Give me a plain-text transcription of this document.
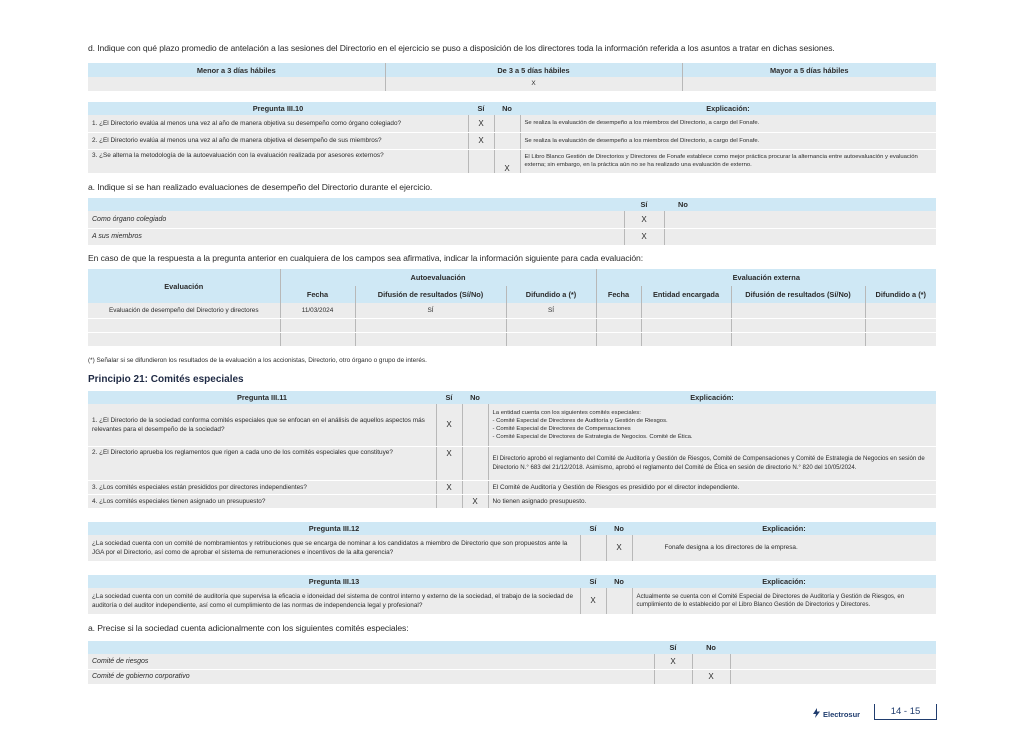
d. Indique con qué plazo promedio de antelación a las sesiones del Directorio en el ejercicio se puso a disposición de los directores toda la información referida a los asuntos a tratar en dichas sesiones.
Menor a 3 días hábiles	De 3 a 5 días hábiles	Mayor a 5 días hábiles
	X	
Pregunta III.10	Sí	No	Explicación:
1. ¿El Directorio evalúa al menos una vez al año de manera objetiva su desempeño como órgano colegiado?	X		Se realiza la evaluación de desempeño a los miembros del Directorio, a cargo del Fonafe.
2. ¿El Directorio evalúa al menos una vez al año de manera objetiva el desempeño de sus miembros?	X		Se realiza la evaluación de desempeño a los miembros del Directorio, a cargo del Fonafe.
3. ¿Se alterna la metodología de la autoevaluación con la evaluación realizada por asesores externos?		X	El Libro Blanco Gestión de Directorios y Directores de Fonafe establece como mejor práctica procurar la alternancia entre autoevaluación y evaluación externa; sin embargo, en la práctica aún no se ha realizado una evaluación de externo.
a. Indique si se han realizado evaluaciones de desempeño del Directorio durante el ejercicio.
	Sí	No
Como órgano colegiado	X	
A sus miembros	X	
En caso de que la respuesta a la pregunta anterior en cualquiera de los campos sea afirmativa, indicar la información siguiente para cada evaluación:
Evaluación	Autoevaluación			Evaluación externa			
	Fecha	Difusión de resultados (Sí/No)	Difundido a (*)	Fecha	Entidad encargada	Difusión de resultados (Sí/No)	Difundido a (*)
Evaluación de desempeño del Directorio y directores	11/03/2024	SÍ	SÍ				

(*) Señalar si se difundieron los resultados de la evaluación a los accionistas, Directorio, otro órgano o grupo de interés.
Principio 21: Comités especiales
Pregunta III.11	Sí	No	Explicación:
1. ¿El Directorio de la sociedad conforma comités especiales que se enfocan en el análisis de aquellos aspectos más relevantes para el desempeño de la sociedad?	X		La entidad cuenta con los siguientes comités especiales:
- Comité Especial de Directores de Auditoría y Gestión de Riesgos.
- Comité Especial de Directores de Compensaciones
- Comité Especial de Directores de Estrategia de Negocios. Comité de Ética.

2. ¿El Directorio aprueba los reglamentos que rigen a cada uno de los comités especiales que constituye?	X		El Directorio aprobó el reglamento del Comité de Auditoría y Gestión de Riesgos, Comité de Compensaciones y Comité de Estrategia de Negocios en sesión de Directorio N.° 683 del 21/12/2018. Asimismo, aprobó el reglamento del Comité de Ética en sesión de directorio N.° 820 del 10/05/2024.
3. ¿Los comités especiales están presididos por directores independientes?	X		El Comité de Auditoría y Gestión de Riesgos es presidido por el director independiente.
4. ¿Los comités especiales tienen asignado un presupuesto?		X	No tienen asignado presupuesto.
Pregunta III.12	Sí	No	Explicación:
¿La sociedad cuenta con un comité de nombramientos y retribuciones que se encarga de nominar a los candidatos a miembro de Directorio que son propuestos ante la JGA por el Directorio, así como de aprobar el sistema de remuneraciones e incentivos de la alta gerencia?		X	Fonafe designa a los directores de la empresa.
Pregunta III.13	Sí	No	Explicación:
¿La sociedad cuenta con un comité de auditoría que supervisa la eficacia e idoneidad del sistema de control interno y externo de la sociedad, el trabajo de la sociedad de auditoría o del auditor independiente, así como el cumplimiento de las normas de independencia legal y profesional?	X		Actualmente se cuenta con el Comité Especial de Directores de Auditoría y Gestión de Riesgos, en cumplimiento de lo establecido por el Libro Blanco Gestión de Directorios y Directores.
a. Precise si la sociedad cuenta adicionalmente con los siguientes comités especiales:
	Sí	No	
Comité de riesgos	X		
Comité de gobierno corporativo		X	
Electrosur	14 - 15
